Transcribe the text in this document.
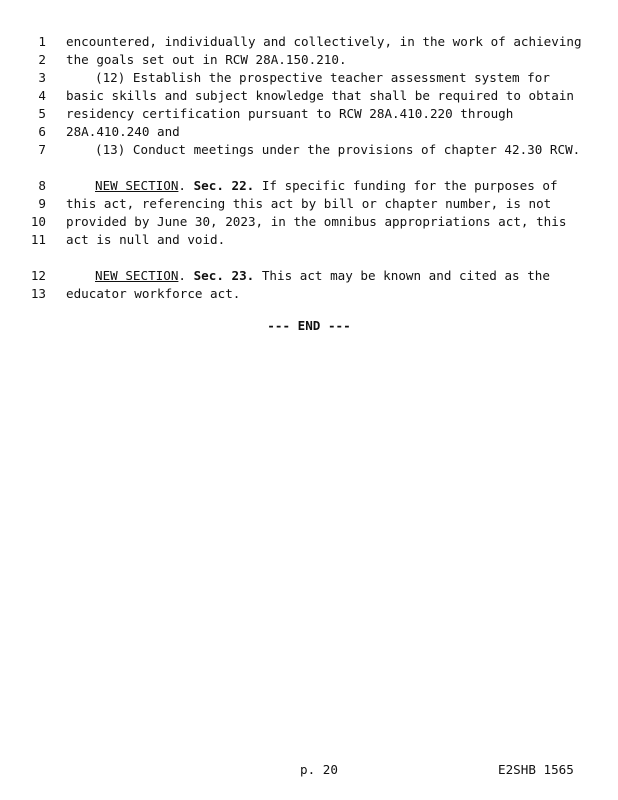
1 encountered, individually and collectively, in the work of achieving
2 the goals set out in RCW 28A.150.210.
3	(12) Establish the prospective teacher assessment system for
4 basic skills and subject knowledge that shall be required to obtain
5 residency certification pursuant to RCW 28A.410.220 through
6 28A.410.240 and
7	(13) Conduct meetings under the provisions of chapter 42.30 RCW.
8	NEW SECTION. Sec. 22. If specific funding for the purposes of
9 this act, referencing this act by bill or chapter number, is not
10 provided by June 30, 2023, in the omnibus appropriations act, this
11 act is null and void.
12	NEW SECTION. Sec. 23. This act may be known and cited as the
13 educator workforce act.
--- END ---
p. 20	E2SHB 1565
